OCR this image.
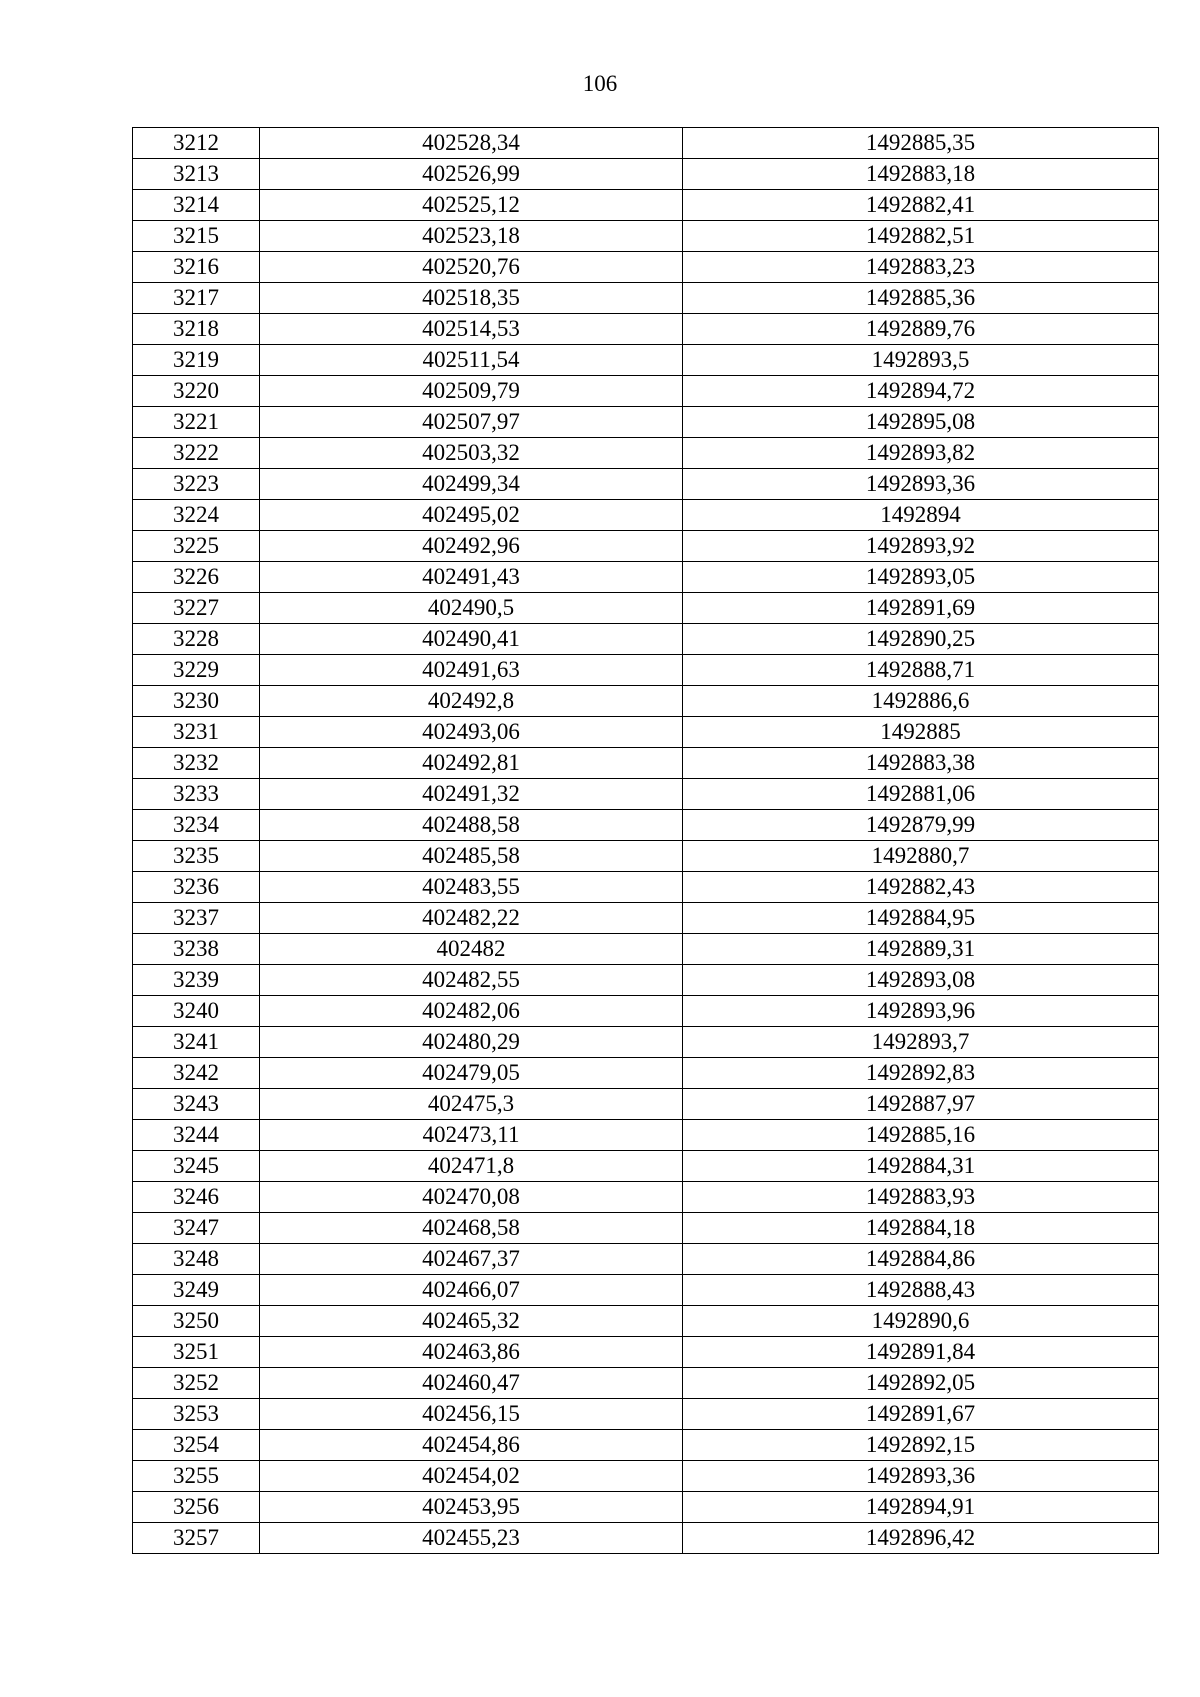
106
3212	402528,34	1492885,35
3213	402526,99	1492883,18
3214	402525,12	1492882,41
3215	402523,18	1492882,51
3216	402520,76	1492883,23
3217	402518,35	1492885,36
3218	402514,53	1492889,76
3219	402511,54	1492893,5
3220	402509,79	1492894,72
3221	402507,97	1492895,08
3222	402503,32	1492893,82
3223	402499,34	1492893,36
3224	402495,02	1492894
3225	402492,96	1492893,92
3226	402491,43	1492893,05
3227	402490,5	1492891,69
3228	402490,41	1492890,25
3229	402491,63	1492888,71
3230	402492,8	1492886,6
3231	402493,06	1492885
3232	402492,81	1492883,38
3233	402491,32	1492881,06
3234	402488,58	1492879,99
3235	402485,58	1492880,7
3236	402483,55	1492882,43
3237	402482,22	1492884,95
3238	402482	1492889,31
3239	402482,55	1492893,08
3240	402482,06	1492893,96
3241	402480,29	1492893,7
3242	402479,05	1492892,83
3243	402475,3	1492887,97
3244	402473,11	1492885,16
3245	402471,8	1492884,31
3246	402470,08	1492883,93
3247	402468,58	1492884,18
3248	402467,37	1492884,86
3249	402466,07	1492888,43
3250	402465,32	1492890,6
3251	402463,86	1492891,84
3252	402460,47	1492892,05
3253	402456,15	1492891,67
3254	402454,86	1492892,15
3255	402454,02	1492893,36
3256	402453,95	1492894,91
3257	402455,23	1492896,42
